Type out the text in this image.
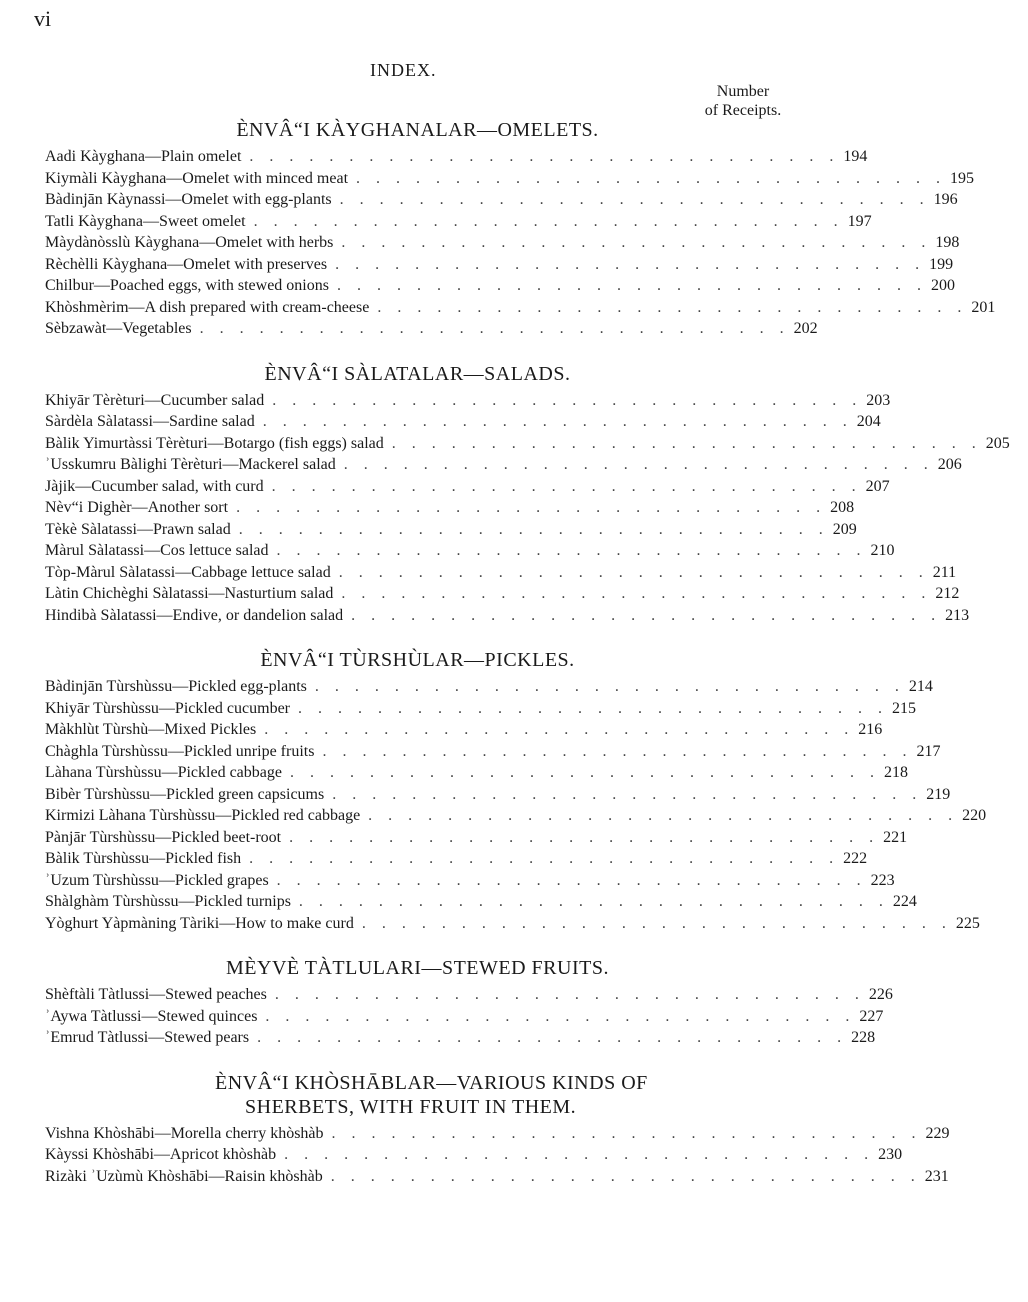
vi
INDEX.
Number
of Receipts.
ÈNVÂ“I KÀYGHANALAR—OMELETS.
Aadi Kàyghana—Plain omelet . . . . . . . . . . . . . . . . . . . . . . . . . . . . . . 194
Kiymàli Kàyghana—Omelet with minced meat . . . . . . . . . . . . . . . . . . . . . . . . . . . . . . 195
Bàdinjān Kàynassi—Omelet with egg-plants . . . . . . . . . . . . . . . . . . . . . . . . . . . . . . 196
Tatli Kàyghana—Sweet omelet . . . . . . . . . . . . . . . . . . . . . . . . . . . . . . 197
Màydànòsslù Kàyghana—Omelet with herbs . . . . . . . . . . . . . . . . . . . . . . . . . . . . . . 198
Rèchèlli Kàyghana—Omelet with preserves . . . . . . . . . . . . . . . . . . . . . . . . . . . . . . 199
Chilbur—Poached eggs, with stewed onions . . . . . . . . . . . . . . . . . . . . . . . . . . . . . . 200
Khòshmèrim—A dish prepared with cream-cheese . . . . . . . . . . . . . . . . . . . . . . . . . . . . . . 201
Sèbzawàt—Vegetables . . . . . . . . . . . . . . . . . . . . . . . . . . . . . . 202
ÈNVÂ“I SÀLATALAR—SALADS.
Khiyār Tèrèturi—Cucumber salad . . . . . . . . . . . . . . . . . . . . . . . . . . . . . . 203
Sàrdèla Sàlatassi—Sardine salad . . . . . . . . . . . . . . . . . . . . . . . . . . . . . . 204
Bàlik Yimurtàssi Tèrèturi—Botargo (fish eggs) salad . . . . . . . . . . . . . . . . . . . . . . . . . . . . . . 205
ʾUsskumru Bàlighi Tèrèturi—Mackerel salad . . . . . . . . . . . . . . . . . . . . . . . . . . . . . . 206
Jàjik—Cucumber salad, with curd . . . . . . . . . . . . . . . . . . . . . . . . . . . . . . 207
Nèv“i Dighèr—Another sort . . . . . . . . . . . . . . . . . . . . . . . . . . . . . . 208
Tèkè Sàlatassi—Prawn salad . . . . . . . . . . . . . . . . . . . . . . . . . . . . . . 209
Màrul Sàlatassi—Cos lettuce salad . . . . . . . . . . . . . . . . . . . . . . . . . . . . . . 210
Tòp-Màrul Sàlatassi—Cabbage lettuce salad . . . . . . . . . . . . . . . . . . . . . . . . . . . . . . 211
Làtin Chichèghi Sàlatassi—Nasturtium salad . . . . . . . . . . . . . . . . . . . . . . . . . . . . . . 212
Hindibà Sàlatassi—Endive, or dandelion salad . . . . . . . . . . . . . . . . . . . . . . . . . . . . . . 213
ÈNVÂ“I TÙRSHÙLAR—PICKLES.
Bàdinjān Tùrshùssu—Pickled egg-plants . . . . . . . . . . . . . . . . . . . . . . . . . . . . . . 214
Khiyār Tùrshùssu—Pickled cucumber . . . . . . . . . . . . . . . . . . . . . . . . . . . . . . 215
Màkhlùt Tùrshù—Mixed Pickles . . . . . . . . . . . . . . . . . . . . . . . . . . . . . . 216
Chàghla Tùrshùssu—Pickled unripe fruits . . . . . . . . . . . . . . . . . . . . . . . . . . . . . . 217
Làhana Tùrshùssu—Pickled cabbage . . . . . . . . . . . . . . . . . . . . . . . . . . . . . . 218
Bibèr Tùrshùssu—Pickled green capsicums . . . . . . . . . . . . . . . . . . . . . . . . . . . . . . 219
Kirmizi Làhana Tùrshùssu—Pickled red cabbage . . . . . . . . . . . . . . . . . . . . . . . . . . . . . . 220
Pànjār Tùrshùssu—Pickled beet-root . . . . . . . . . . . . . . . . . . . . . . . . . . . . . . 221
Bàlik Tùrshùssu—Pickled fish . . . . . . . . . . . . . . . . . . . . . . . . . . . . . . 222
ʾUzum Tùrshùssu—Pickled grapes . . . . . . . . . . . . . . . . . . . . . . . . . . . . . . 223
Shàlghàm Tùrshùssu—Pickled turnips . . . . . . . . . . . . . . . . . . . . . . . . . . . . . . 224
Yòghurt Yàpmàning Tàriki—How to make curd . . . . . . . . . . . . . . . . . . . . . . . . . . . . . . 225
MÈYVÈ TÀTLULARI—STEWED FRUITS.
Shèftàli Tàtlussi—Stewed peaches . . . . . . . . . . . . . . . . . . . . . . . . . . . . . . 226
ʾAywa Tàtlussi—Stewed quinces . . . . . . . . . . . . . . . . . . . . . . . . . . . . . . 227
ʾEmrud Tàtlussi—Stewed pears . . . . . . . . . . . . . . . . . . . . . . . . . . . . . . 228
ÈNVÂ“I KHÒSHĀBLAR—VARIOUS KINDS OF
SHERBETS, WITH FRUIT IN THEM.
Vishna Khòshābi—Morella cherry khòshàb . . . . . . . . . . . . . . . . . . . . . . . . . . . . . . 229
Kàyssi Khòshābi—Apricot khòshàb . . . . . . . . . . . . . . . . . . . . . . . . . . . . . . 230
Rizàki ʾUzùmù Khòshābi—Raisin khòshàb . . . . . . . . . . . . . . . . . . . . . . . . . . . . . . 231
